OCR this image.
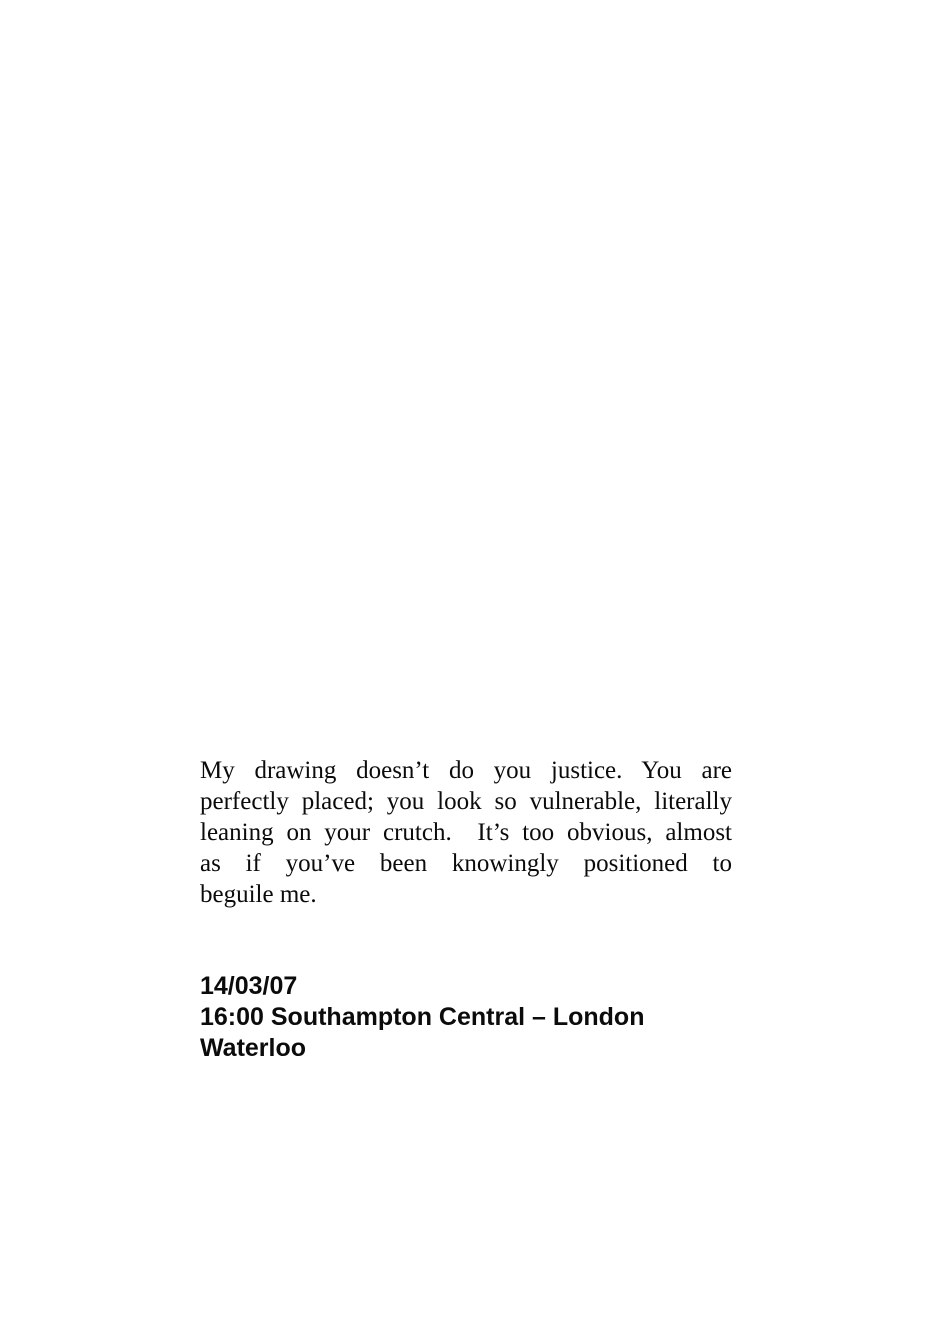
My drawing doesn’t do you justice. You are
perfectly placed; you look so vulnerable, literally
leaning on your crutch.  It’s too obvious, almost
as if you’ve been knowingly positioned to
beguile me.
14/03/07
16:00 Southampton Central – London
Waterloo
